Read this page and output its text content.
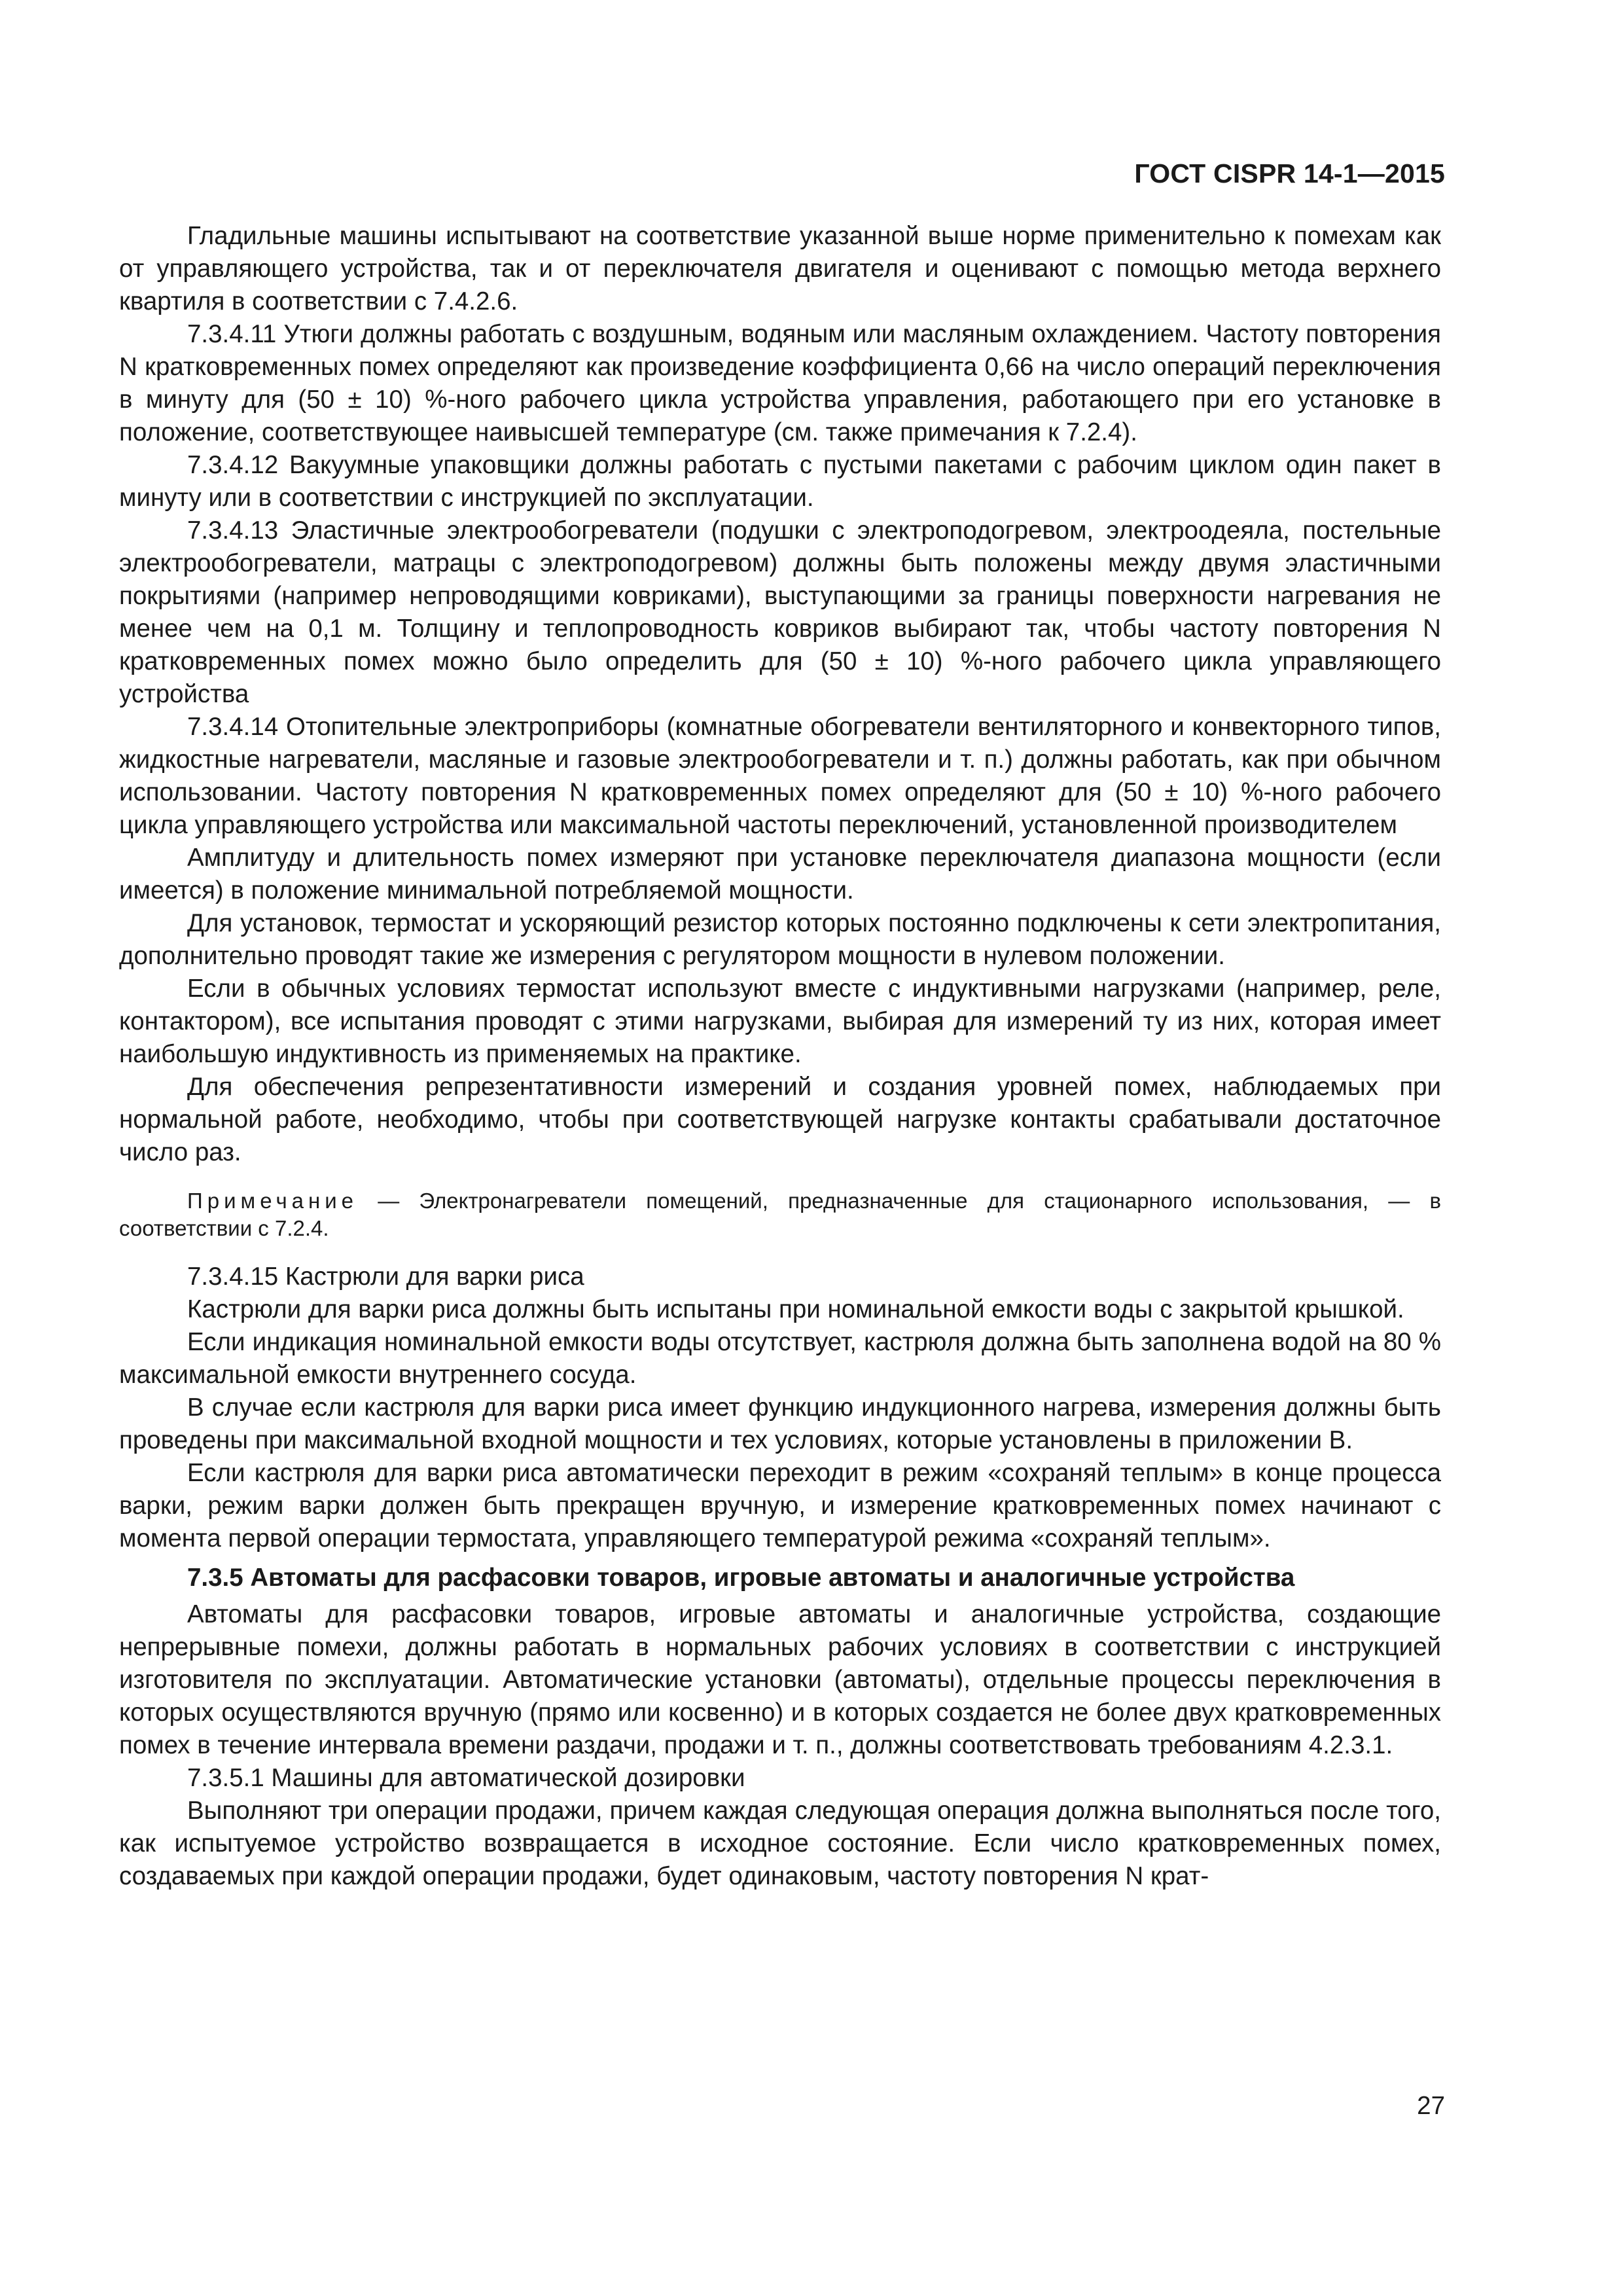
ГОСТ CISPR 14-1—2015

Гладильные машины испытывают на соответствие указанной выше норме применительно к помехам как от управляющего устройства, так и от переключателя двигателя и оценивают с помощью метода верхнего квартиля в соответствии с 7.4.2.6.

7.3.4.11 Утюги должны работать с воздушным, водяным или масляным охлаждением. Частоту повторения N кратковременных помех определяют как произведение коэффициента 0,66 на число операций переключения в минуту для (50 ± 10) %-ного рабочего цикла устройства управления, работающего при его установке в положение, соответствующее наивысшей температуре (см. также примечания к 7.2.4).

7.3.4.12 Вакуумные упаковщики должны работать с пустыми пакетами с рабочим циклом один пакет в минуту или в соответствии с инструкцией по эксплуатации.

7.3.4.13 Эластичные электрообогреватели (подушки с электроподогревом, электроодеяла, постельные электрообогреватели, матрацы с электроподогревом) должны быть положены между двумя эластичными покрытиями (например непроводящими ковриками), выступающими за границы поверхности нагревания не менее чем на 0,1 м. Толщину и теплопроводность ковриков выбирают так, чтобы частоту повторения N кратковременных помех можно было определить для (50 ± 10) %-ного рабочего цикла управляющего устройства

7.3.4.14 Отопительные электроприборы (комнатные обогреватели вентиляторного и конвекторного типов, жидкостные нагреватели, масляные и газовые электрообогреватели и т. п.) должны работать, как при обычном использовании. Частоту повторения N кратковременных помех определяют для (50 ± 10) %-ного рабочего цикла управляющего устройства или максимальной частоты переключений, установленной производителем

Амплитуду и длительность помех измеряют при установке переключателя диапазона мощности (если имеется) в положение минимальной потребляемой мощности.

Для установок, термостат и ускоряющий резистор которых постоянно подключены к сети электропитания, дополнительно проводят такие же измерения с регулятором мощности в нулевом положении.

Если в обычных условиях термостат используют вместе с индуктивными нагрузками (например, реле, контактором), все испытания проводят с этими нагрузками, выбирая для измерений ту из них, которая имеет наибольшую индуктивность из применяемых на практике.

Для обеспечения репрезентативности измерений и создания уровней помех, наблюдаемых при нормальной работе, необходимо, чтобы при соответствующей нагрузке контакты срабатывали достаточное число раз.

Примечание — Электронагреватели помещений, предназначенные для стационарного использования, — в соответствии с 7.2.4.

7.3.4.15 Кастрюли для варки риса

Кастрюли для варки риса должны быть испытаны при номинальной емкости воды с закрытой крышкой.

Если индикация номинальной емкости воды отсутствует, кастрюля должна быть заполнена водой на 80 % максимальной емкости внутреннего сосуда.

В случае если кастрюля для варки риса имеет функцию индукционного нагрева, измерения должны быть проведены при максимальной входной мощности и тех условиях, которые установлены в приложении В.

Если кастрюля для варки риса автоматически переходит в режим «сохраняй теплым» в конце процесса варки, режим варки должен быть прекращен вручную, и измерение кратковременных помех начинают с момента первой операции термостата, управляющего температурой режима «сохраняй теплым».

7.3.5 Автоматы для расфасовки товаров, игровые автоматы и аналогичные устройства

Автоматы для расфасовки товаров, игровые автоматы и аналогичные устройства, создающие непрерывные помехи, должны работать в нормальных рабочих условиях в соответствии с инструкцией изготовителя по эксплуатации. Автоматические установки (автоматы), отдельные процессы переключения в которых осуществляются вручную (прямо или косвенно) и в которых создается не более двух кратковременных помех в течение интервала времени раздачи, продажи и т. п., должны соответствовать требованиям 4.2.3.1.

7.3.5.1 Машины для автоматической дозировки

Выполняют три операции продажи, причем каждая следующая операция должна выполняться после того, как испытуемое устройство возвращается в исходное состояние. Если число кратковременных помех, создаваемых при каждой операции продажи, будет одинаковым, частоту повторения N крат-

27
